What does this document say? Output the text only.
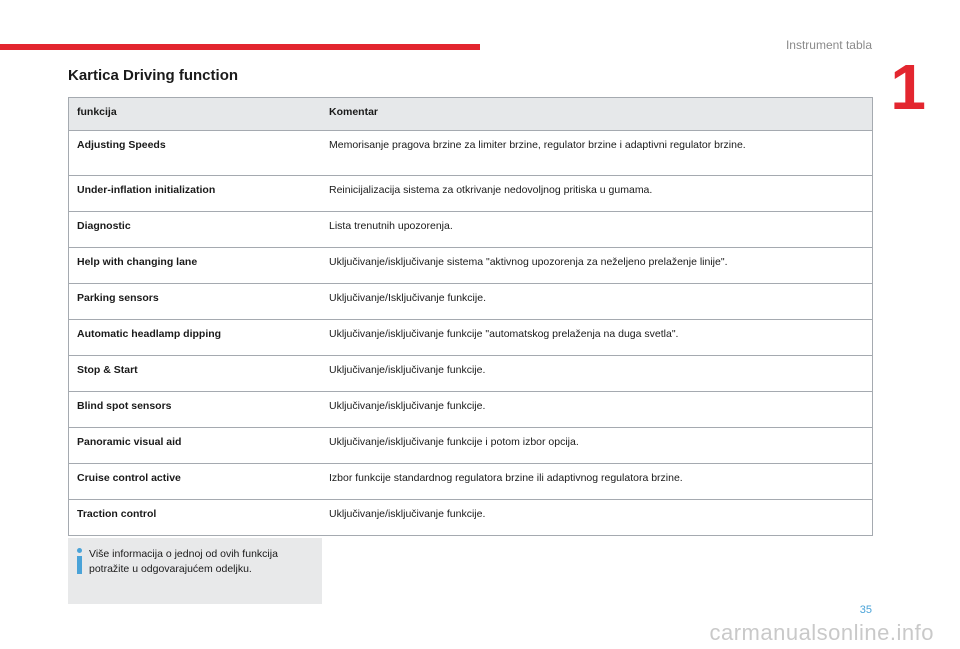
Instrument tabla
1
Kartica Driving function
funkcija	Komentar
Adjusting Speeds	Memorisanje pragova brzine za limiter brzine, regulator brzine i adaptivni regulator brzine.
Under-inflation initialization	Reinicijalizacija sistema za otkrivanje nedovoljnog pritiska u gumama.
Diagnostic	Lista trenutnih upozorenja.
Help with changing lane	Uključivanje/isključivanje sistema "aktivnog upozorenja za neželjeno prelaženje linije".
Parking sensors	Uključivanje/Isključivanje funkcije.
Automatic headlamp dipping	Uključivanje/isključivanje funkcije "automatskog prelaženja na duga svetla".
Stop & Start	Uključivanje/isključivanje funkcije.
Blind spot sensors	Uključivanje/isključivanje funkcije.
Panoramic visual aid	Uključivanje/isključivanje funkcije i potom izbor opcija.
Cruise control active	Izbor funkcije standardnog regulatora brzine ili adaptivnog regulatora brzine.
Traction control	Uključivanje/isključivanje funkcije.
Više informacija o jednoj od ovih funkcija potražite u odgovarajućem odeljku.
35
carmanualsonline.info
